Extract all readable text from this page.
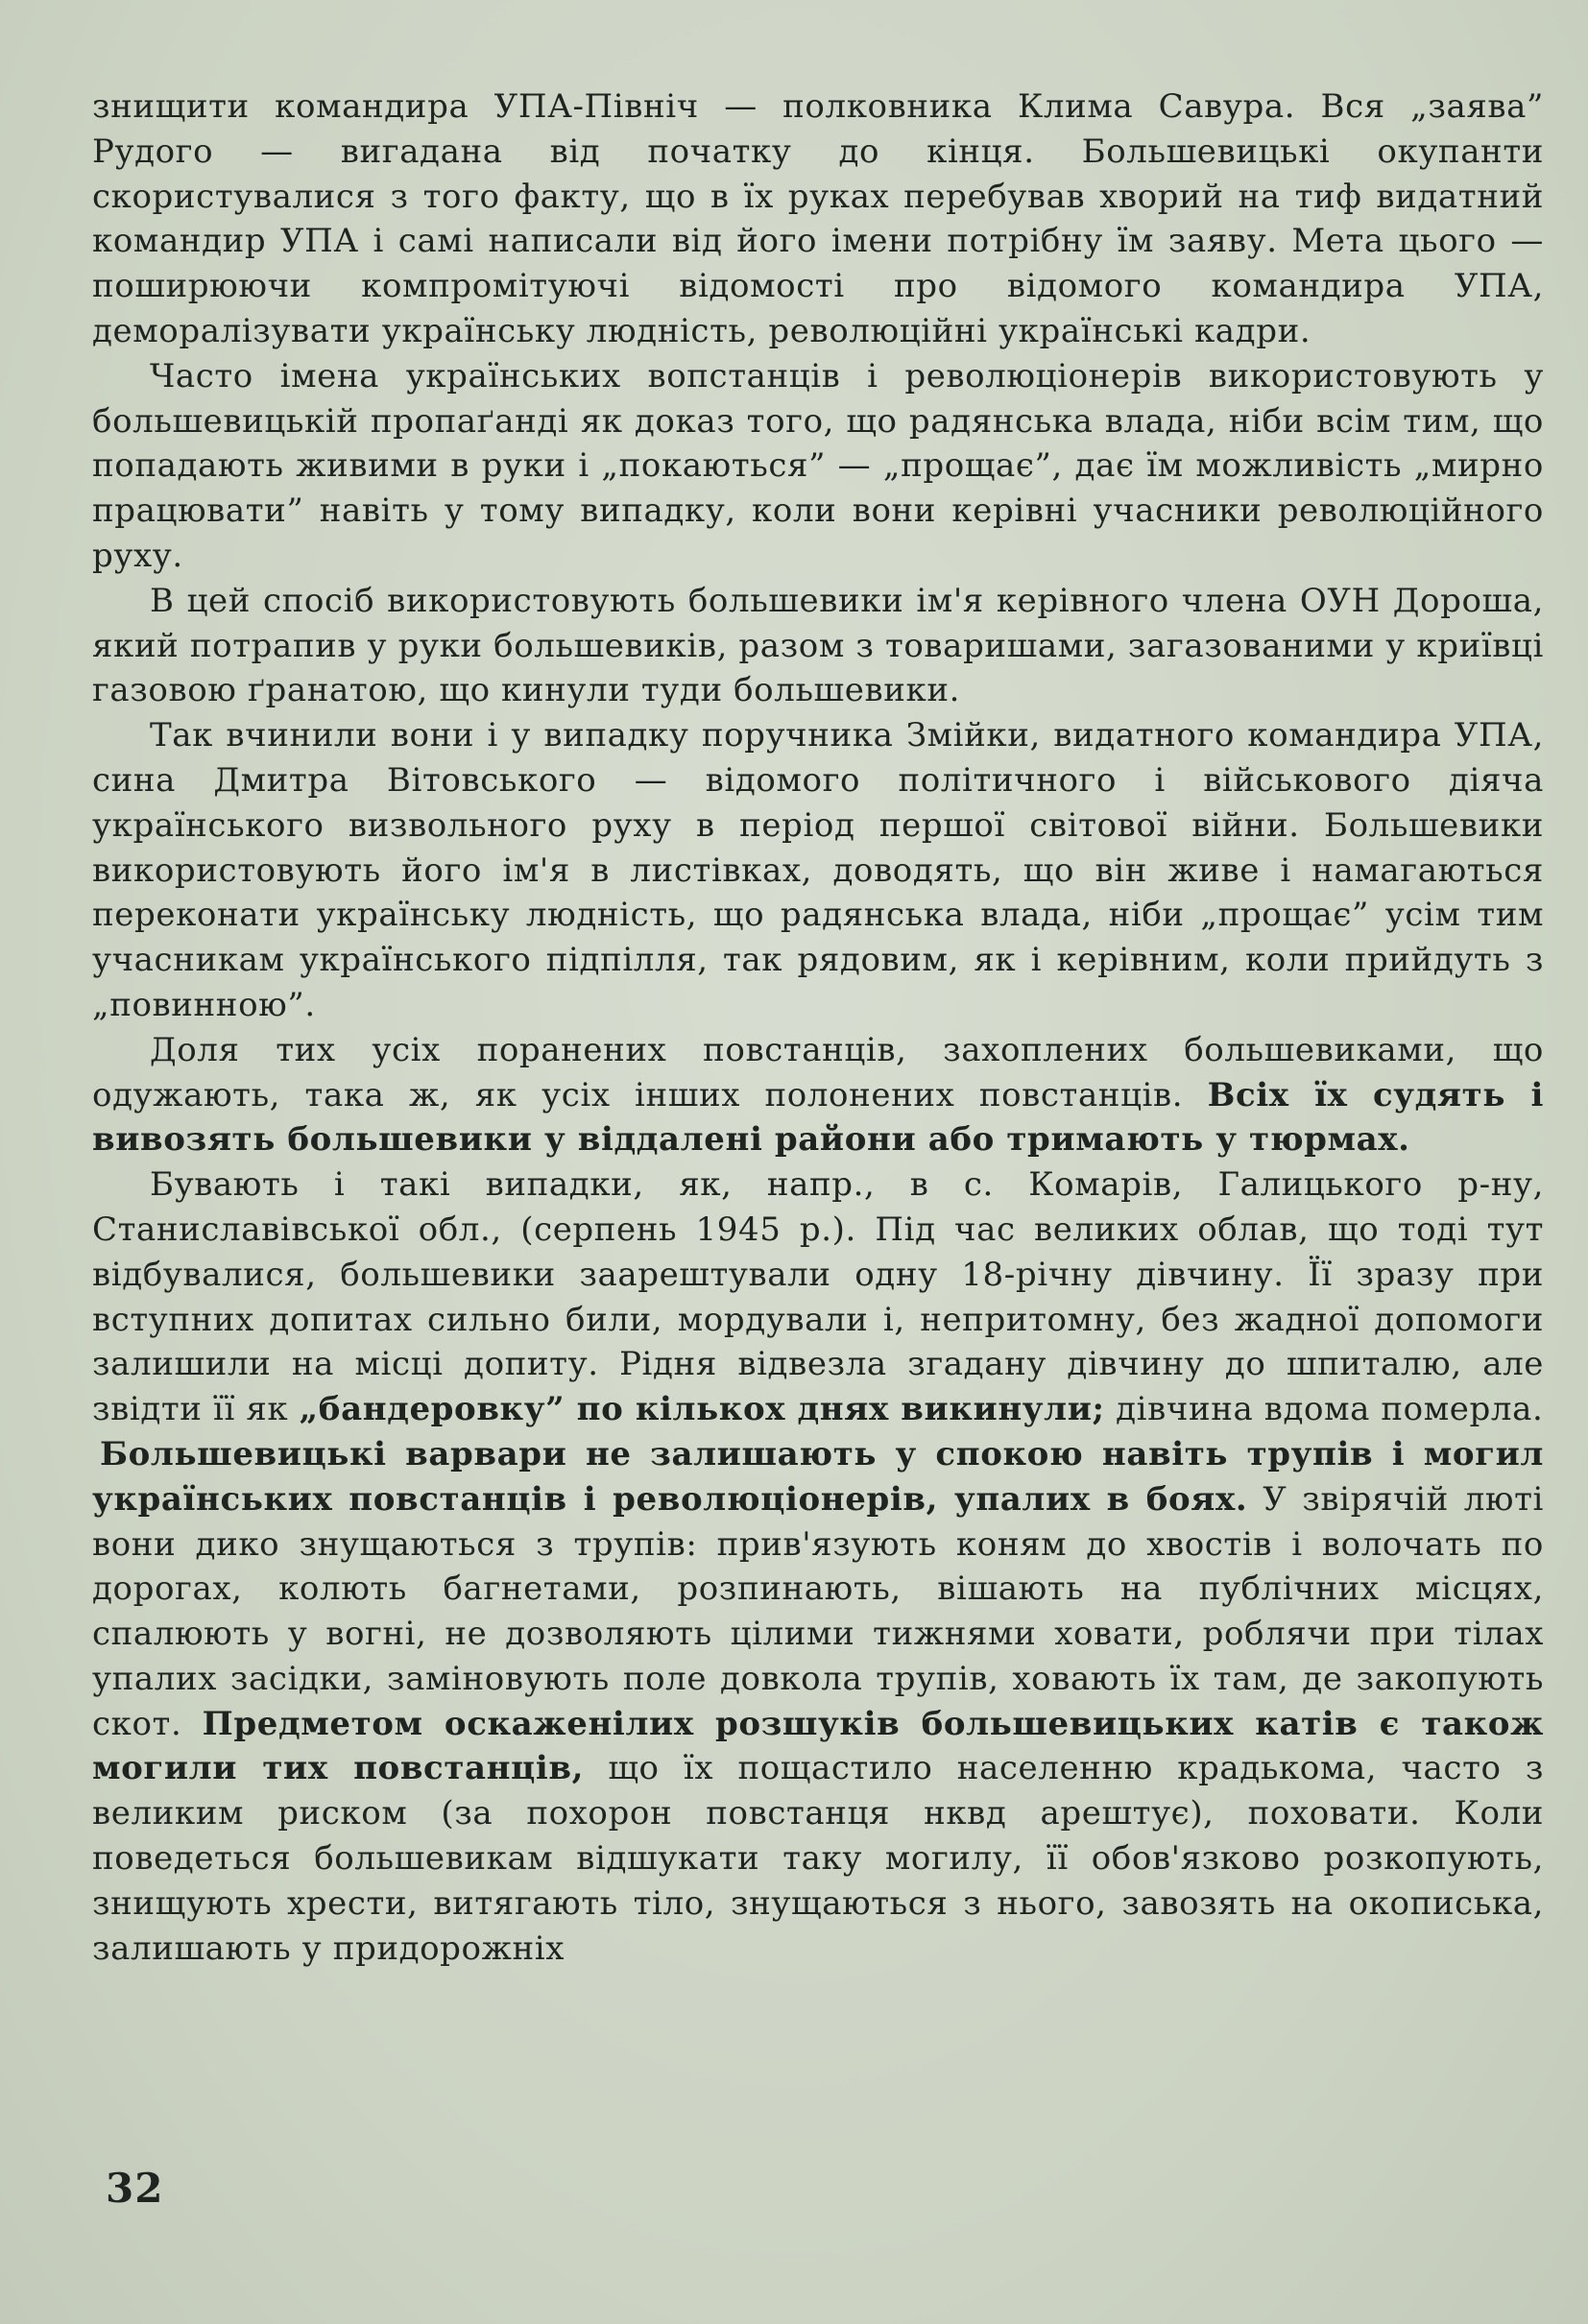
знищити командира УПА-Північ — полковника Клима Савура. Вся „заява” Рудого — вигадана від початку до кінця. Большевицькі окупанти скористувалися з того факту, що в їх руках перебував хворий на тиф видатний командир УПА і самі написали від його імени потрібну їм заяву. Мета цього — поширюючи компромітуючі відомості про відомого командира УПА, деморалізувати українську людність, революційні українські кадри.

Часто імена українських вопстанців і революціонерів використовують у большевицькій пропаґанді як доказ того, що радянська влада, ніби всім тим, що попадають живими в руки і „покаються” — „прощає”, дає їм можливість „мирно працювати” навіть у тому випадку, коли вони керівні учасники революційного руху.

В цей спосіб використовують большевики ім'я керівного члена ОУН Дороша, який потрапив у руки большевиків, разом з товаришами, загазованими у криївці газовою ґранатою, що кинули туди большевики.

Так вчинили вони і у випадку поручника Змійки, видатного командира УПА, сина Дмитра Вітовського — відомого політичного і військового діяча українського визвольного руху в період першої світової війни. Большевики використовують його ім'я в листівках, доводять, що він живе і намагаються переконати українську людність, що радянська влада, ніби „прощає” усім тим учасникам українського підпілля, так рядовим, як і керівним, коли прийдуть з „повинною”.

Доля тих усіх поранених повстанців, захоплених большевиками, що одужають, така ж, як усіх інших полонених повстанців. Всіх їх судять і вивозять большевики у віддалені райони або тримають у тюрмах.

Бувають і такі випадки, як, напр., в с. Комарів, Галицького р-ну, Станиславівської обл., (серпень 1945 р.). Під час великих облав, що тоді тут відбувалися, большевики заарештували одну 18-річну дівчину. Її зразу при вступних допитах сильно били, мордували і, непритомну, без жадної допомоги залишили на місці допиту. Рідня відвезла згадану дівчину до шпиталю, але звідти її як „бандеровку” по кількох днях викинули; дівчина вдома померла.

Большевицькі варвари не залишають у спокою навіть трупів і могил українських повстанців і революціонерів, упалих в боях. У звірячій люті вони дико знущаються з трупів: прив'язують коням до хвостів і волочать по дорогах, колють багнетами, розпинають, вішають на публічних місцях, спалюють у вогні, не дозволяють цілими тижнями ховати, роблячи при тілах упалих засідки, заміновують поле довкола трупів, ховають їх там, де закопують скот. Предметом оскаженілих розшуків большевицьких катів є також могили тих повстанців, що їх пощастило населенню крадькома, часто з великим риском (за похорон повстанця нквд арештує), поховати. Коли поведеться большевикам відшукати таку могилу, її обов'язково розкопують, знищують хрести, витягають тіло, знущаються з нього, завозять на окописька, залишають у придорожніх

32
